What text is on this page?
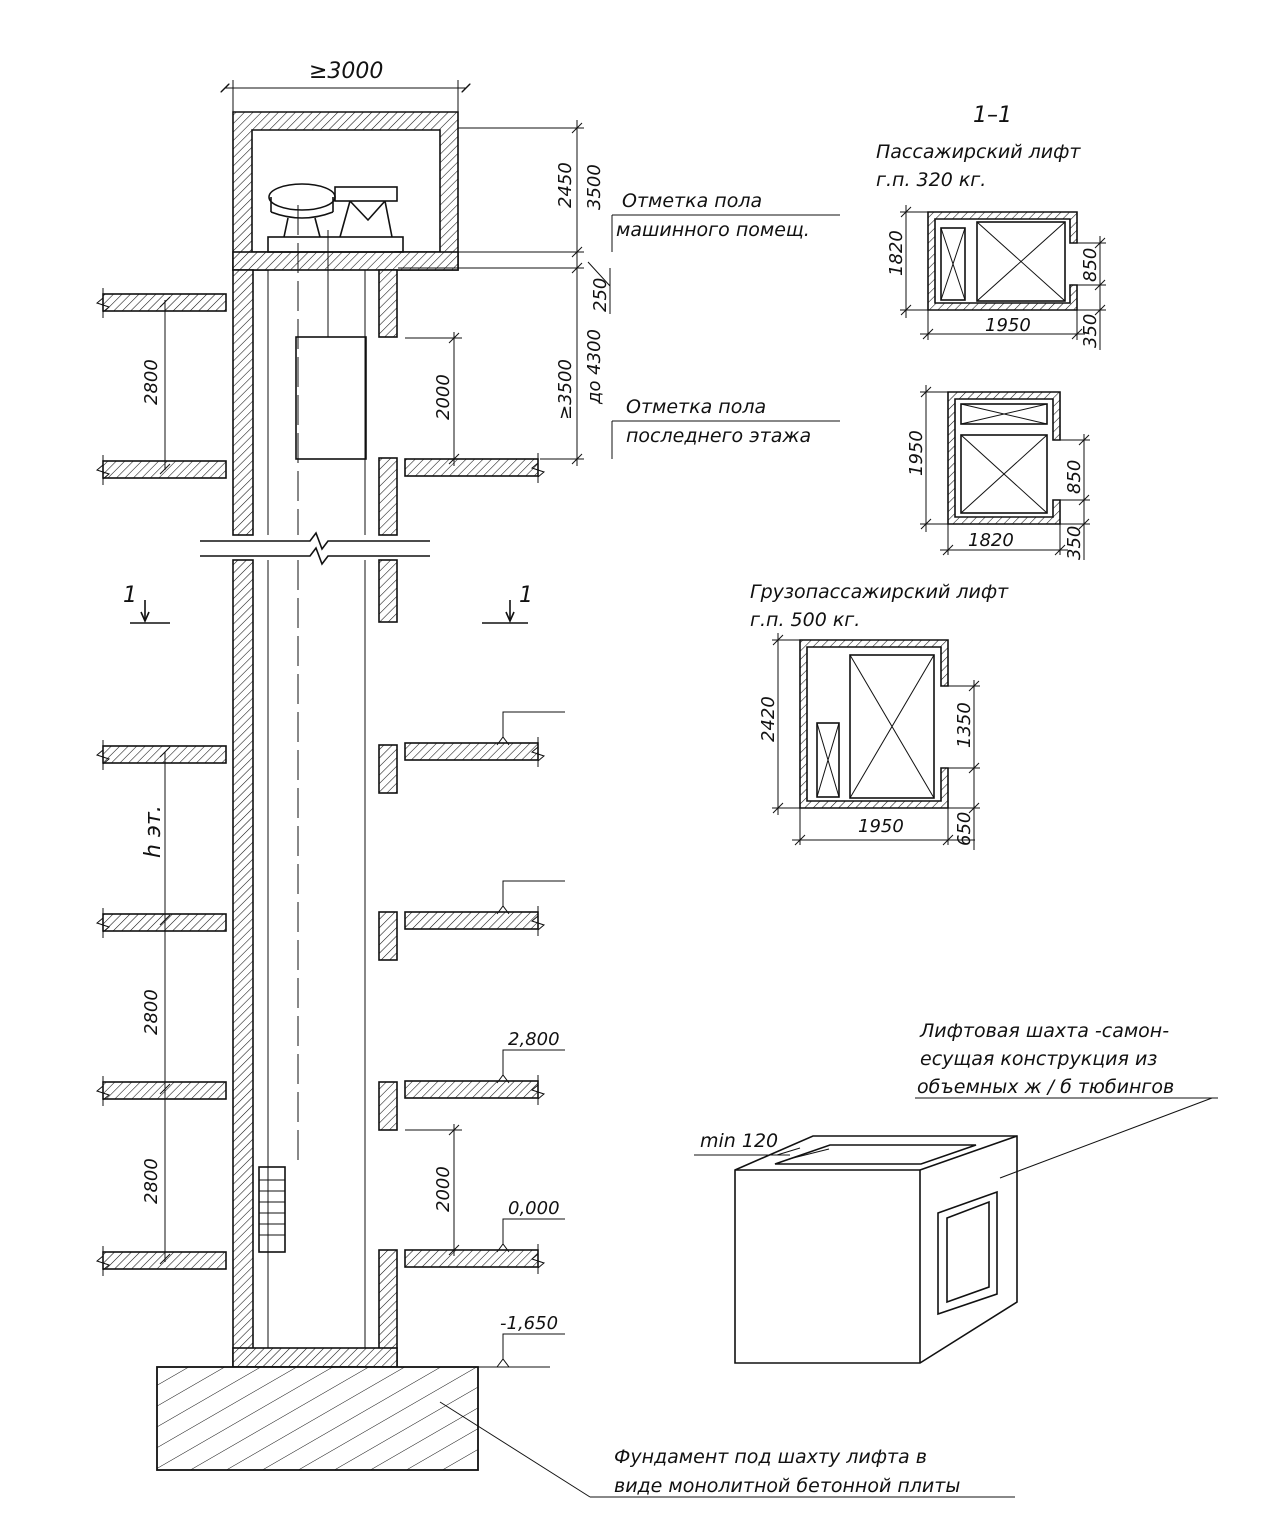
≥3000
2450 3500
≥3500 до 4300
250
Отметка пола
машинного помещ.
Отметка пола
последнего этажа
2800
h эт.
2800
2800
2000
2000
2,800
0,000
-1,650
1	1
Фундамент под шахту лифта в
виде монолитной бетонной плиты
1–1
Пассажирский лифт
г.п. 320 кг.
1820
1950
850
350
1950
1820
850
350
Грузопассажирский лифт
г.п. 500 кг.
2420
1950
1350
650
min 120
Лифтовая шахта -самон-
есущая конструкция из
объемных ж / б тюбингов
